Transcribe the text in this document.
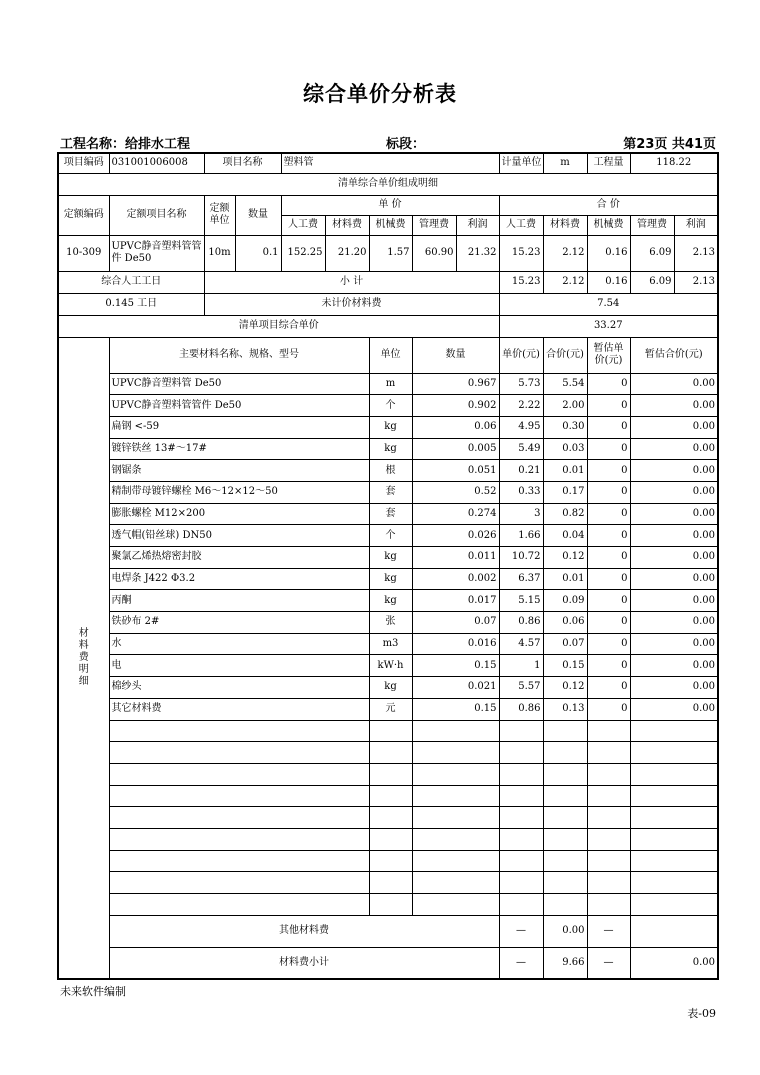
综合单价分析表
工程名称：给排水工程	标段：	第23页 共41页
项目编码	031001006008	项目名称		塑料管					计量单位	m	工程量	118.22	
清单综合单价组成明细													
定额编码	定额项目名称	定额单位	数量	单 价					合 价				
				人工费	材料费	机械费	管理费	利润	人工费	材料费	机械费	管理费	利润
10-309	UPVC静音塑料管管件 De50	10m	0.1	152.25	21.20	1.57	60.90	21.32	15.23	2.12	0.16	6.09	2.13
综合人工工日		小 计							15.23	2.12	0.16	6.09	2.13
0.145 工日		未计价材料费							7.54				
清单项目综合单价									33.27				
材料费明细	主要材料名称、规格、型号					单位	数量		单价(元)	合价(元)	暂估单价(元)	暂估合价(元)	
	UPVC静音塑料管 De50					m	0.967		5.73	5.54	0	0.00	
	UPVC静音塑料管管件 De50					个	0.902		2.22	2.00	0	0.00	
	扁钢 <-59					kg	0.06		4.95	0.30	0	0.00	
	镀锌铁丝 13#～17#					kg	0.005		5.49	0.03	0	0.00	
	钢锯条					根	0.051		0.21	0.01	0	0.00	
	精制带母镀锌螺栓 M6～12×12～50					套	0.52		0.33	0.17	0	0.00	
	膨胀螺栓 M12×200					套	0.274		3	0.82	0	0.00	
	透气帽(铅丝球) DN50					个	0.026		1.66	0.04	0	0.00	
	聚氯乙烯热熔密封胶					kg	0.011		10.72	0.12	0	0.00	
	电焊条 J422 Φ3.2					kg	0.002		6.37	0.01	0	0.00	
	丙酮					kg	0.017		5.15	0.09	0	0.00	
	铁砂布 2#					张	0.07		0.86	0.06	0	0.00	
	水					m3	0.016		4.57	0.07	0	0.00	
	电					kW·h	0.15		1	0.15	0	0.00	
	棉纱头					kg	0.021		5.57	0.12	0	0.00	
	其它材料费					元	0.15		0.86	0.13	0	0.00	

	其他材料费								—	0.00	—		
	材料费小计								—	9.66	—	0.00	
未来软件编制
表-09
